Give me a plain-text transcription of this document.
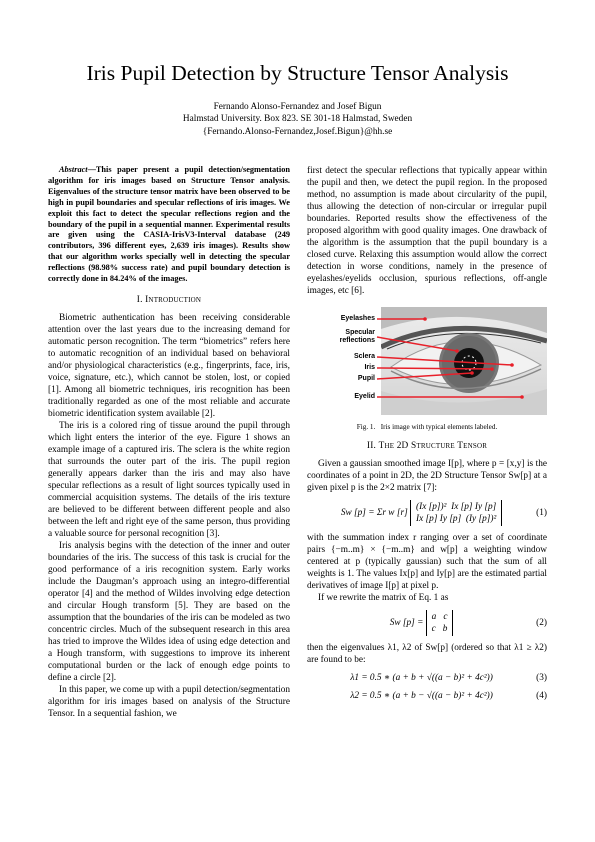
Iris Pupil Detection by Structure Tensor Analysis
Fernando Alonso-Fernandez and Josef Bigun
Halmstad University. Box 823. SE 301-18 Halmstad, Sweden
{Fernando.Alonso-Fernandez,Josef.Bigun}@hh.se

Abstract—This paper present a pupil detection/segmentation algorithm for iris images based on Structure Tensor analysis. Eigenvalues of the structure tensor matrix have been observed to be high in pupil boundaries and specular reflections of iris images. We exploit this fact to detect the specular reflections region and the boundary of the pupil in a sequential manner. Experimental results are given using the CASIA-IrisV3-Interval database (249 contributors, 396 different eyes, 2,639 iris images). Results show that our algorithm works specially well in detecting the specular reflections (98.98% success rate) and pupil boundary detection is correctly done in 84.24% of the images.

I. Introduction

Biometric authentication has been receiving considerable attention over the last years due to the increasing demand for automatic person recognition. The term “biometrics” refers here to automatic recognition of an individual based on behavioral and/or physiological characteristics (e.g., fingerprints, face, iris, voice, signature, etc.), which cannot be stolen, lost, or copied [1]. Among all biometric techniques, iris recognition has been traditionally regarded as one of the most reliable and accurate biometric identification system available [2].

The iris is a colored ring of tissue around the pupil through which light enters the interior of the eye. Figure 1 shows an example image of a captured iris. The sclera is the white region that surrounds the outer part of the iris. The pupil region generally appears darker than the iris and may also have specular reflections as a result of light sources typically used in commercial acquisition systems. The details of the iris texture are believed to be different between different people and also between the left and right eye of the same person, thus providing a valuable source for personal recognition [3].

Iris analysis begins with the detection of the inner and outer boundaries of the iris. The success of this task is crucial for the good performance of a iris recognition system. Early works include the Daugman’s approach using an integro-differential operator [4] and the method of Wildes involving edge detection and circular Hough transform [5]. They are based on the assumption that the boundaries of the iris can be modeled as two concentric circles. Much of the subsequent research in this area has tried to improve the Wildes idea of using edge detection and a Hough transform, with suggestions to improve its inherent computational burden or the lack of enough edge points to define a circle [2].

In this paper, we come up with a pupil detection/segmentation algorithm for iris images based on analysis of the Structure Tensor. In a sequential fashion, we

first detect the specular reflections that typically appear within the pupil and then, we detect the pupil region. In the proposed method, no assumption is made about circularity of the pupil, thus allowing the detection of non-circular or irregular pupil boundaries. Reported results show the effectiveness of the proposed algorithm with good quality images. One drawback of the algorithm is the assumption that the pupil boundary is a closed curve. Relaxing this assumption would allow the correct detection in worse conditions, namely in the presence of eyelashes/eyelids occlusion, spurious reflections, off-angle images, etc [6].

Eyelashes
Specular reflections
Sclera
Iris
Pupil
Eyelid
Fig. 1. Iris image with typical elements labeled.
II. The 2D Structure Tensor

Given a gaussian smoothed image I[p], where p = [x,y] is the coordinates of a point in 2D, the 2D Structure Tensor Sw[p] at a given pixel p is the 2×2 matrix [7]:

Sw [p] = Σr w [r] (Ix [p])² Ix [p] Iy [p]
Ix [p] Iy [p] (Iy [p])²
(1)

with the summation index r ranging over a set of coordinate pairs {−m..m} × {−m..m} and w[p] a weighting window centered at p (typically gaussian) such that the sum of all weights is 1. The values Ix[p] and Iy[p] are the estimated partial derivatives of image I[p] at pixel p.

If we rewrite the matrix of Eq. 1 as

Sw [p] = a c
c b
(2)

then the eigenvalues λ1, λ2 of Sw[p] (ordered so that λ1 ≥ λ2) are found to be:

λ1 = 0.5 ∗ (a + b + √((a − b)² + 4c²))	(3)
λ2 = 0.5 ∗ (a + b − √((a − b)² + 4c²))	(4)
